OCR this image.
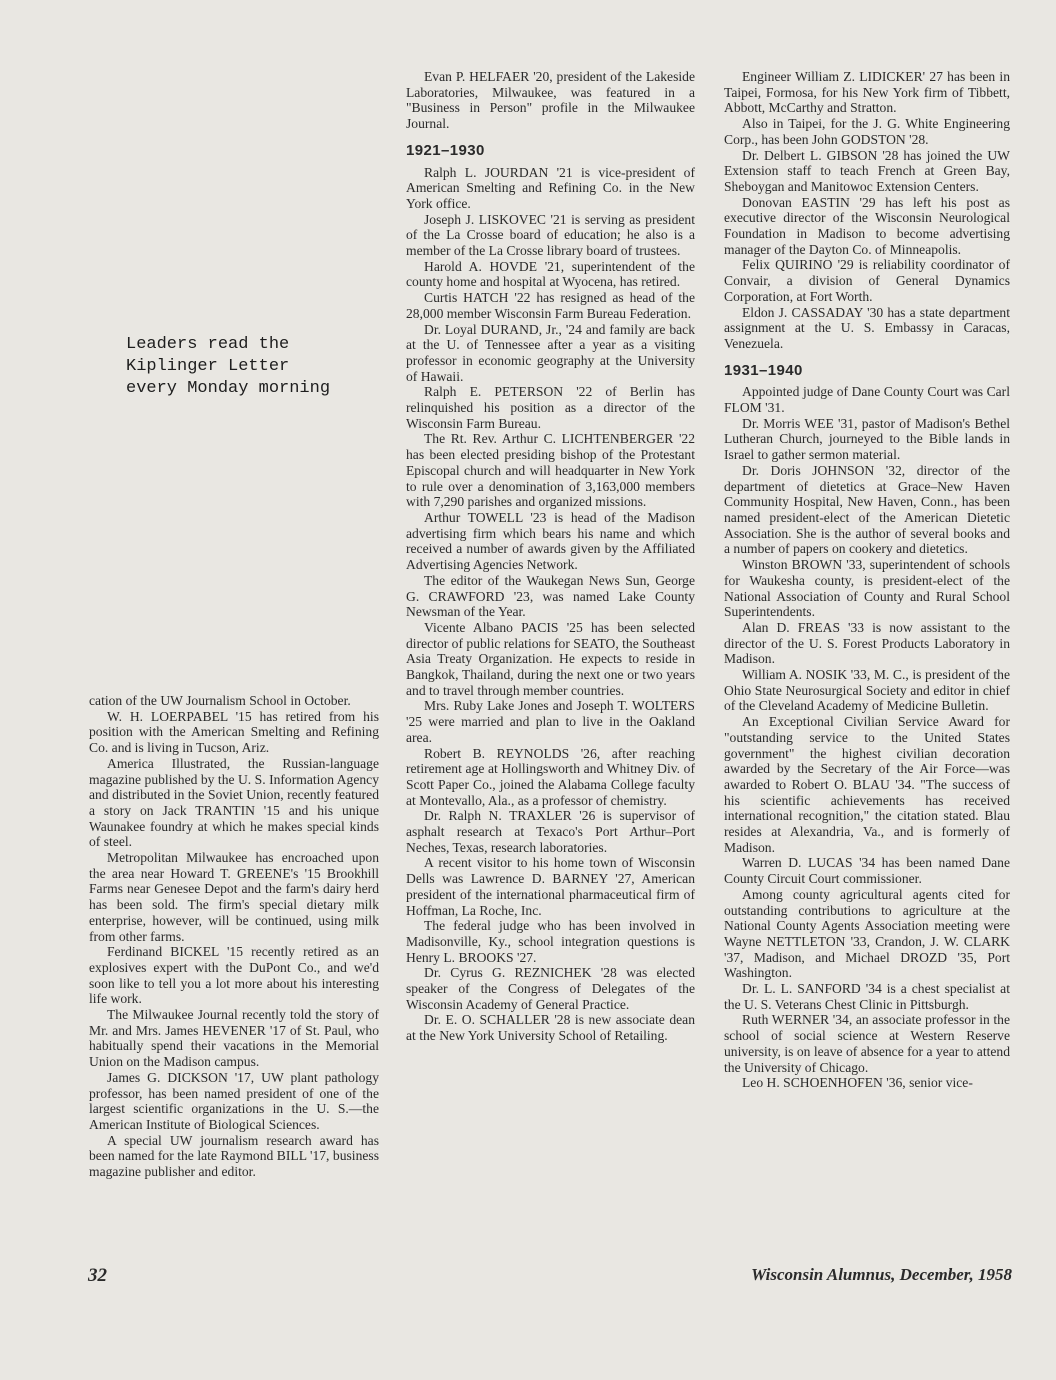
Leaders read the
Kiplinger Letter
every Monday morning

cation of the UW Journalism School in October.

W. H. LOERPABEL '15 has retired from his position with the American Smelting and Refining Co. and is living in Tucson, Ariz.

America Illustrated, the Russian-language magazine published by the U. S. Information Agency and distributed in the Soviet Union, recently featured a story on Jack TRANTIN '15 and his unique Waunakee foundry at which he makes special kinds of steel.

Metropolitan Milwaukee has encroached upon the area near Howard T. GREENE's '15 Brookhill Farms near Genesee Depot and the farm's dairy herd has been sold. The firm's special dietary milk enterprise, however, will be continued, using milk from other farms.

Ferdinand BICKEL '15 recently retired as an explosives expert with the DuPont Co., and we'd soon like to tell you a lot more about his interesting life work.

The Milwaukee Journal recently told the story of Mr. and Mrs. James HEVENER '17 of St. Paul, who habitually spend their vacations in the Memorial Union on the Madison campus.

James G. DICKSON '17, UW plant pathology professor, has been named president of one of the largest scientific organizations in the U. S.—the American Institute of Biological Sciences.

A special UW journalism research award has been named for the late Raymond BILL '17, business magazine publisher and editor.

Evan P. HELFAER '20, president of the Lakeside Laboratories, Milwaukee, was featured in a "Business in Person" profile in the Milwaukee Journal.

1921–1930

Ralph L. JOURDAN '21 is vice-president of American Smelting and Refining Co. in the New York office.

Joseph J. LISKOVEC '21 is serving as president of the La Crosse board of education; he also is a member of the La Crosse library board of trustees.

Harold A. HOVDE '21, superintendent of the county home and hospital at Wyocena, has retired.

Curtis HATCH '22 has resigned as head of the 28,000 member Wisconsin Farm Bureau Federation.

Dr. Loyal DURAND, Jr., '24 and family are back at the U. of Tennessee after a year as a visiting professor in economic geography at the University of Hawaii.

Ralph E. PETERSON '22 of Berlin has relinquished his position as a director of the Wisconsin Farm Bureau.

The Rt. Rev. Arthur C. LICHTENBERGER '22 has been elected presiding bishop of the Protestant Episcopal church and will headquarter in New York to rule over a denomination of 3,163,000 members with 7,290 parishes and organized missions.

Arthur TOWELL '23 is head of the Madison advertising firm which bears his name and which received a number of awards given by the Affiliated Advertising Agencies Network.

The editor of the Waukegan News Sun, George G. CRAWFORD '23, was named Lake County Newsman of the Year.

Vicente Albano PACIS '25 has been selected director of public relations for SEATO, the Southeast Asia Treaty Organization. He expects to reside in Bangkok, Thailand, during the next one or two years and to travel through member countries.

Mrs. Ruby Lake Jones and Joseph T. WOLTERS '25 were married and plan to live in the Oakland area.

Robert B. REYNOLDS '26, after reaching retirement age at Hollingsworth and Whitney Div. of Scott Paper Co., joined the Alabama College faculty at Montevallo, Ala., as a professor of chemistry.

Dr. Ralph N. TRAXLER '26 is supervisor of asphalt research at Texaco's Port Arthur–Port Neches, Texas, research laboratories.

A recent visitor to his home town of Wisconsin Dells was Lawrence D. BARNEY '27, American president of the international pharmaceutical firm of Hoffman, La Roche, Inc.

The federal judge who has been involved in Madisonville, Ky., school integration questions is Henry L. BROOKS '27.

Dr. Cyrus G. REZNICHEK '28 was elected speaker of the Congress of Delegates of the Wisconsin Academy of General Practice.

Dr. E. O. SCHALLER '28 is new associate dean at the New York University School of Retailing.

Engineer William Z. LIDICKER' 27 has been in Taipei, Formosa, for his New York firm of Tibbett, Abbott, McCarthy and Stratton.

Also in Taipei, for the J. G. White Engineering Corp., has been John GODSTON '28.

Dr. Delbert L. GIBSON '28 has joined the UW Extension staff to teach French at Green Bay, Sheboygan and Manitowoc Extension Centers.

Donovan EASTIN '29 has left his post as executive director of the Wisconsin Neurological Foundation in Madison to become advertising manager of the Dayton Co. of Minneapolis.

Felix QUIRINO '29 is reliability coordinator of Convair, a division of General Dynamics Corporation, at Fort Worth.

Eldon J. CASSADAY '30 has a state department assignment at the U. S. Embassy in Caracas, Venezuela.

1931–1940

Appointed judge of Dane County Court was Carl FLOM '31.

Dr. Morris WEE '31, pastor of Madison's Bethel Lutheran Church, journeyed to the Bible lands in Israel to gather sermon material.

Dr. Doris JOHNSON '32, director of the department of dietetics at Grace–New Haven Community Hospital, New Haven, Conn., has been named president-elect of the American Dietetic Association. She is the author of several books and a number of papers on cookery and dietetics.

Winston BROWN '33, superintendent of schools for Waukesha county, is president-elect of the National Association of County and Rural School Superintendents.

Alan D. FREAS '33 is now assistant to the director of the U. S. Forest Products Laboratory in Madison.

William A. NOSIK '33, M. C., is president of the Ohio State Neurosurgical Society and editor in chief of the Cleveland Academy of Medicine Bulletin.

An Exceptional Civilian Service Award for "outstanding service to the United States government" the highest civilian decoration awarded by the Secretary of the Air Force—was awarded to Robert O. BLAU '34. "The success of his scientific achievements has received international recognition," the citation stated. Blau resides at Alexandria, Va., and is formerly of Madison.

Warren D. LUCAS '34 has been named Dane County Circuit Court commissioner.

Among county agricultural agents cited for outstanding contributions to agriculture at the National County Agents Association meeting were Wayne NETTLETON '33, Crandon, J. W. CLARK '37, Madison, and Michael DROZD '35, Port Washington.

Dr. L. L. SANFORD '34 is a chest specialist at the U. S. Veterans Chest Clinic in Pittsburgh.

Ruth WERNER '34, an associate professor in the school of social science at Western Reserve university, is on leave of absence for a year to attend the University of Chicago.

Leo H. SCHOENHOFEN '36, senior vice-

32	Wisconsin Alumnus, December, 1958
